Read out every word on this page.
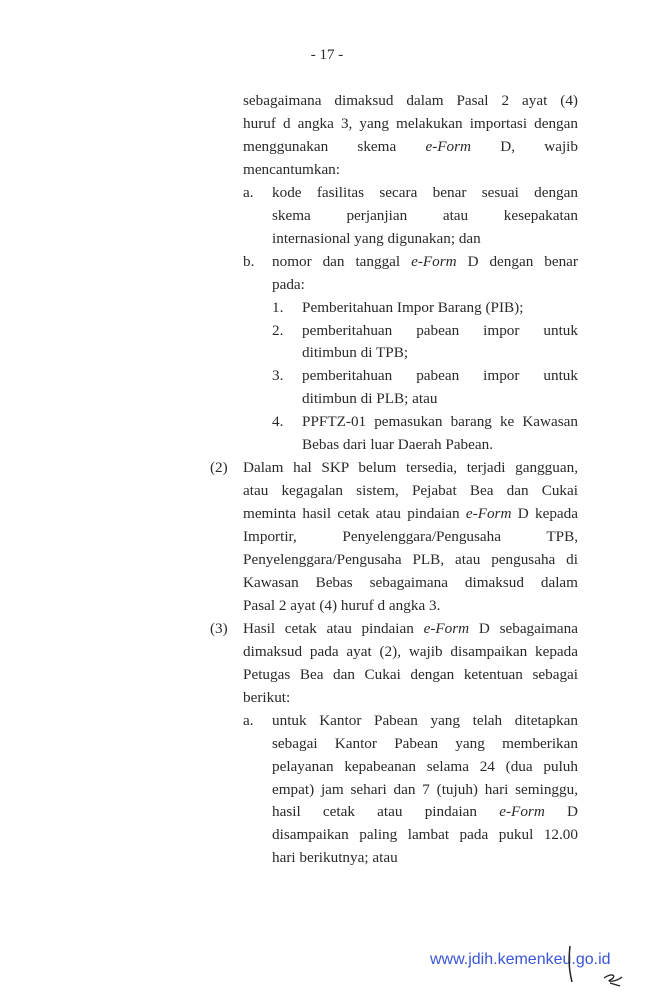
- 17 -
sebagaimana dimaksud dalam Pasal 2 ayat (4)
huruf d angka 3, yang melakukan importasi dengan
menggunakan skema e-Form D, wajib
mencantumkan:
a. kode fasilitas secara benar sesuai dengan
skema perjanjian atau kesepakatan
internasional yang digunakan; dan
b. nomor dan tanggal e-Form D dengan benar
pada:
1. Pemberitahuan Impor Barang (PIB);
2. pemberitahuan pabean impor untuk
ditimbun di TPB;
3. pemberitahuan pabean impor untuk
ditimbun di PLB; atau
4. PPFTZ-01 pemasukan barang ke Kawasan
Bebas dari luar Daerah Pabean.
(2) Dalam hal SKP belum tersedia, terjadi gangguan,
atau kegagalan sistem, Pejabat Bea dan Cukai
meminta hasil cetak atau pindaian e-Form D kepada
Importir, Penyelenggara/Pengusaha TPB,
Penyelenggara/Pengusaha PLB, atau pengusaha di
Kawasan Bebas sebagaimana dimaksud dalam
Pasal 2 ayat (4) huruf d angka 3.
(3) Hasil cetak atau pindaian e-Form D sebagaimana
dimaksud pada ayat (2), wajib disampaikan kepada
Petugas Bea dan Cukai dengan ketentuan sebagai
berikut:
a. untuk Kantor Pabean yang telah ditetapkan
sebagai Kantor Pabean yang memberikan
pelayanan kepabeanan selama 24 (dua puluh
empat) jam sehari dan 7 (tujuh) hari seminggu,
hasil cetak atau pindaian e-Form D
disampaikan paling lambat pada pukul 12.00
hari berikutnya; atau
www.jdih.kemenkeu.go.id
